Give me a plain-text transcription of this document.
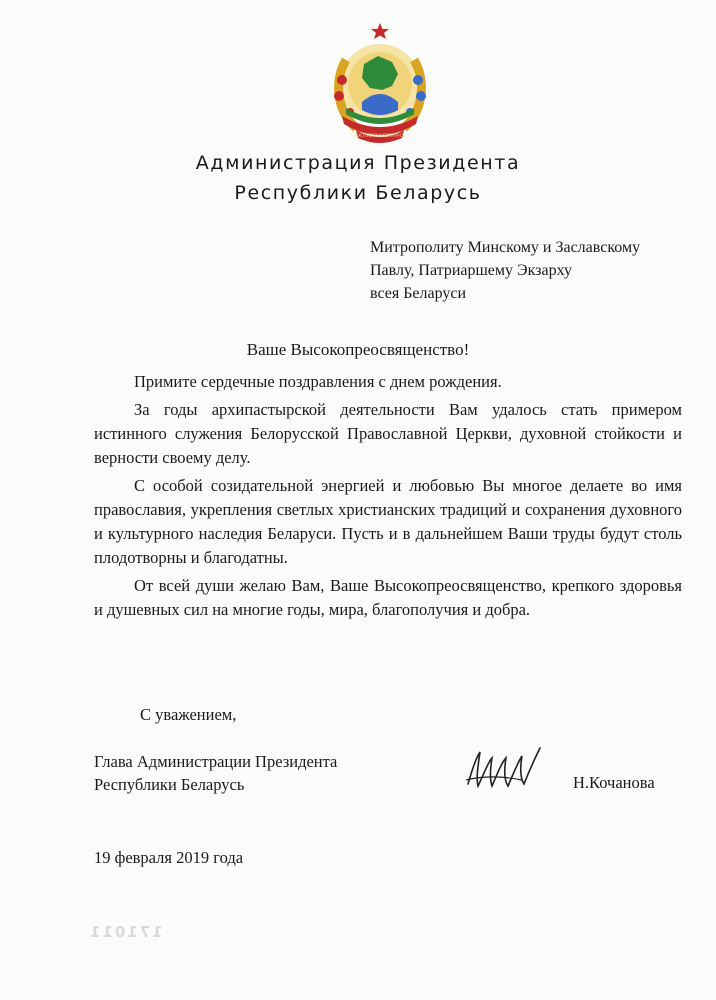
РЭСПУБЛІКА БЕЛАРУСЬ
Администрация Президента
Республики Беларусь
Митрополиту Минскому и Заславскому
Павлу, Патриаршему Экзарху
всея Беларуси
Ваше Высокопреосвященство!

Примите сердечные поздравления с днем рождения.

За годы архипастырской деятельности Вам удалось стать примером истинного служения Белорусской Православной Церкви, духовной стойкости и верности своему делу.

С особой созидательной энергией и любовью Вы многое делаете во имя православия, укрепления светлых христианских традиций и сохранения духовного и культурного наследия Беларуси. Пусть и в дальнейшем Ваши труды будут столь плодотворны и благодатны.

От всей души желаю Вам, Ваше Высокопреосвященство, крепкого здоровья и душевных сил на многие годы, мира, благополучия и добра.

С уважением,
Глава Администрации Президента
Республики Беларусь	Н.Кочанова
19 февраля 2019 года
171011
